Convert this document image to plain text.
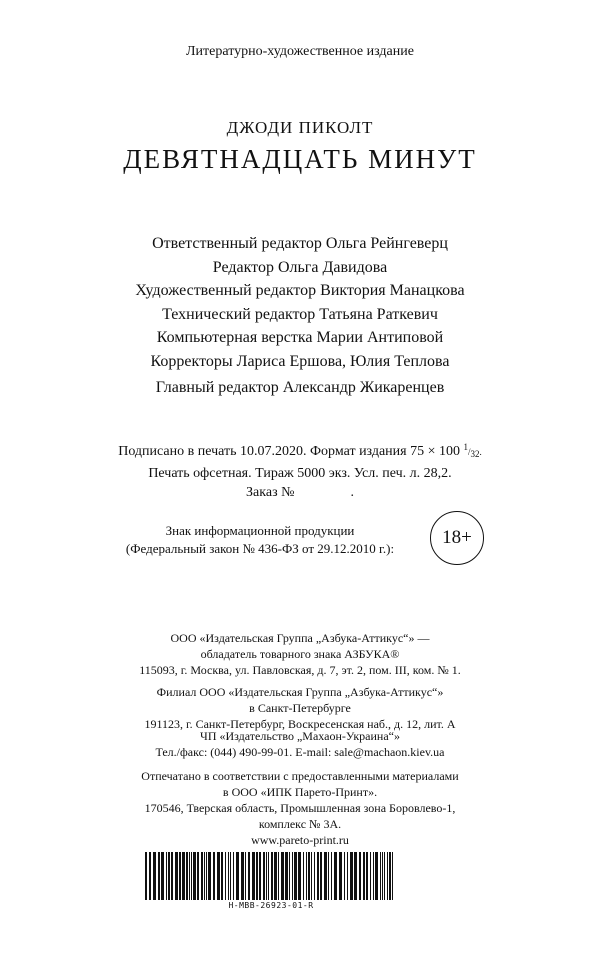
Литературно-художественное издание
ДЖОДИ ПИКОЛТ
ДЕВЯТНАДЦАТЬ МИНУТ
Ответственный редактор Ольга Рейнгеверц
Редактор Ольга Давидова
Художественный редактор Виктория Манацкова
Технический редактор Татьяна Раткевич
Компьютерная верстка Марии Антиповой
Корректоры Лариса Ершова, Юлия Теплова
Главный редактор Александр Жикаренцев
Подписано в печать 10.07.2020. Формат издания 75 × 100 1/32.
Печать офсетная. Тираж 5000 экз. Усл. печ. л. 28,2.
Заказ №                .
Знак информационной продукции
(Федеральный закон № 436-ФЗ от 29.12.2010 г.):
18+
ООО «Издательская Группа „Азбука-Аттикус“» —
обладатель товарного знака АЗБУКА®
115093, г. Москва, ул. Павловская, д. 7, эт. 2, пом. III, ком. № 1.
Филиал ООО «Издательская Группа „Азбука-Аттикус“»
в Санкт-Петербурге
191123, г. Санкт-Петербург, Воскресенская наб., д. 12, лит. А
ЧП «Издательство „Махаон-Украина“»
Тел./факс: (044) 490-99-01. E-mail: sale@machaon.kiev.ua
Отпечатано в соответствии с предоставленными материалами
в ООО «ИПК Парето-Принт».
170546, Тверская область, Промышленная зона Боровлево-1,
комплекс № 3А.
www.pareto-print.ru
H-MBB-26923-01-R
